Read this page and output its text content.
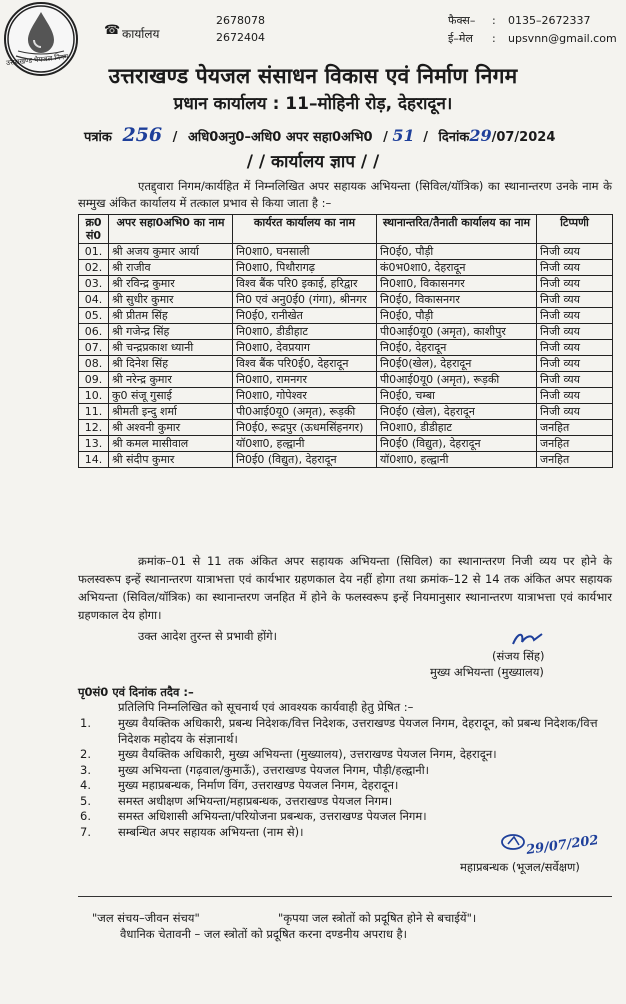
उत्तराखण्ड पेयजल निगम
☎ कार्यालय
2678078
2672404
फैक्स– : 0135–2672337
ई–मेल : upsvnn@gmail.com
उत्तराखण्ड पेयजल संसाधन विकास एवं निर्माण निगम
प्रधान कार्यालय : 11–मोहिनी रोड़, देहरादून।
पत्रांक 256 / अधि0अनु0–अधि0 अपर सहा0अभि0 / 51 / दिनांक29/07/2024
/ / कार्यालय ज्ञाप / /
एतद्द्वारा निगम/कार्यहित में निम्नलिखित अपर सहायक अभियन्ता (सिविल/यॉत्रिक) का स्थानान्तरण उनके नाम के सम्मुख अंकित कार्यालय में तत्काल प्रभाव से किया जाता है :–
क्र0 सं0	अपर सहा0अभि0 का नाम	कार्यरत कार्यालय का नाम	स्थानान्तरित/तैनाती कार्यालय का नाम	टिप्पणी
01.	श्री अजय कुमार आर्या	नि0शा0, घनसाली	नि0ई0, पौड़ी	निजी व्यय
02.	श्री राजीव	नि0शा0, पिथौरागढ़	कं0भ0शा0, देहरादून	निजी व्यय
03.	श्री रविन्द्र कुमार	विश्व बैंक परि0 इकाई, हरिद्वार	नि0शा0, विकासनगर	निजी व्यय
04.	श्री सुधीर कुमार	नि0 एवं अनु0ई0 (गंगा), श्रीनगर	नि0ई0, विकासनगर	निजी व्यय
05.	श्री प्रीतम सिंह	नि0ई0, रानीखेत	नि0ई0, पौड़ी	निजी व्यय
06.	श्री गजेन्द्र सिंह	नि0शा0, डीडीहाट	पी0आई0यू0 (अमृत), काशीपुर	निजी व्यय
07.	श्री चन्द्रप्रकाश ध्यानी	नि0शा0, देवप्रयाग	नि0ई0, देहरादून	निजी व्यय
08.	श्री दिनेश सिंह	विश्व बैंक परि0ई0, देहरादून	नि0ई0(खेल), देहरादून	निजी व्यय
09.	श्री नरेन्द्र कुमार	नि0शा0, रामनगर	पी0आई0यू0 (अमृत), रूड़की	निजी व्यय
10.	कु0 संजू गुसाई	नि0शा0, गोपेश्वर	नि0ई0, चम्बा	निजी व्यय
11.	श्रीमती इन्दु शर्मा	पी0आई0यू0 (अमृत), रूड़की	नि0ई0 (खेल), देहरादून	निजी व्यय
12.	श्री अश्वनी कुमार	नि0ई0, रूद्रपुर (ऊधमसिंहनगर)	नि0शा0, डीडीहाट	जनहित
13.	श्री कमल मासीवाल	यॉ0शा0, हल्द्वानी	नि0ई0 (विद्युत), देहरादून	जनहित
14.	श्री संदीप कुमार	नि0ई0 (विद्युत), देहरादून	यॉ0शा0, हल्द्वानी	जनहित
क्रमांक–01 से 11 तक अंकित अपर सहायक अभियन्ता (सिविल) का स्थानान्तरण निजी व्यय पर होने के फलस्वरूप इन्हें स्थानान्तरण यात्राभत्ता एवं कार्यभार ग्रहणकाल देय नहीं होगा तथा क्रमांक–12 से 14 तक अंकित अपर सहायक अभियन्ता (सिविल/यॉत्रिक) का स्थानान्तरण जनहित में होने के फलस्वरूप इन्हें नियमानुसार स्थानान्तरण यात्राभत्ता एवं कार्यभार ग्रहणकाल देय होगा।
उक्त आदेश तुरन्त से प्रभावी होंगे।
(संजय सिंह)
मुख्य अभियन्ता (मुख्यालय)
पृ0सं0 एवं दिनांक तदैव :–
प्रतिलिपि निम्नलिखित को सूचनार्थ एवं आवश्यक कार्यवाही हेतु प्रेषित :–
1.	मुख्य वैयक्तिक अधिकारी, प्रबन्ध निदेशक/वित्त निदेशक, उत्तराखण्ड पेयजल निगम, देहरादून, को प्रबन्ध निदेशक/वित्त निदेशक महोदय के संज्ञानार्थ।
2.	मुख्य वैयक्तिक अधिकारी, मुख्य अभियन्ता (मुख्यालय), उत्तराखण्ड पेयजल निगम, देहरादून।
3.	मुख्य अभियन्ता (गढ़वाल/कुमाऊँ), उत्तराखण्ड पेयजल निगम, पौड़ी/हल्द्वानी।
4.	मुख्य महाप्रबन्धक, निर्माण विंग, उत्तराखण्ड पेयजल निगम, देहरादून।
5.	समस्त अधीक्षण अभियन्ता/महाप्रबन्धक, उत्तराखण्ड पेयजल निगम।
6.	समस्त अधिशासी अभियन्ता/परियोजना प्रबन्धक, उत्तराखण्ड पेयजल निगम।
7.	सम्बन्धित अपर सहायक अभियन्ता (नाम से)।
29/07/202
महाप्रबन्धक (भूजल/सर्वेक्षण)
"जल संचय–जीवन संचय"	"कृपया जल स्त्रोतों को प्रदूषित होने से बचाईयें"।
वैधानिक चेतावनी – जल स्त्रोतों को प्रदूषित करना दण्डनीय अपराध है।
